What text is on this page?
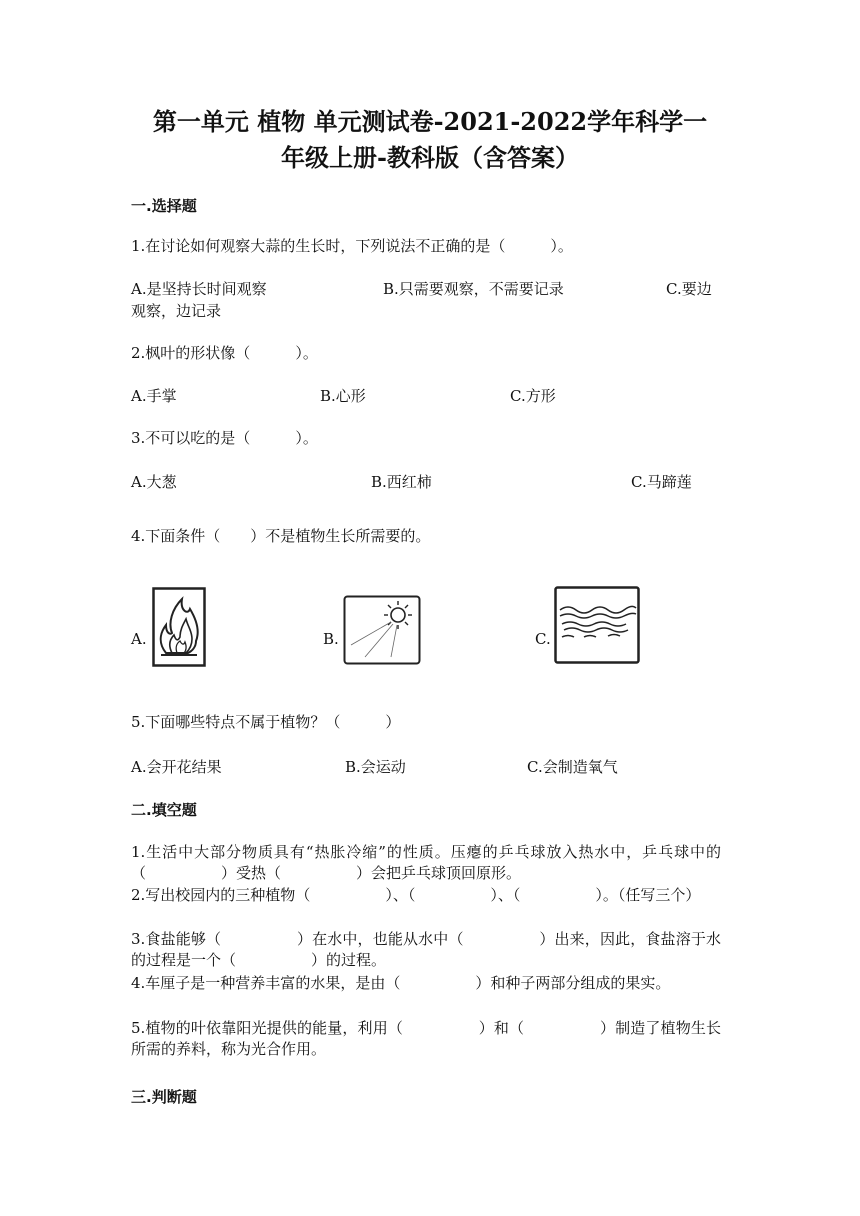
第一单元 植物 单元测试卷-2021-2022学年科学一
年级上册-教科版（含答案）
一.选择题
1.在讨论如何观察大蒜的生长时，下列说法不正确的是（　　　）。
A.是坚持长时间观察	B.只需要观察，不需要记录	C.要边
观察，边记录
2.枫叶的形状像（　　　）。
A.手掌	B.心形	C.方形
3.不可以吃的是（　　　）。
A.大葱	B.西红柿	C.马蹄莲
4.下面条件（　　）不是植物生长所需要的。
A.	B.	C.
5.下面哪些特点不属于植物？（　　　）
A.会开花结果	B.会运动	C.会制造氧气
二.填空题
1.生活中大部分物质具有“热胀冷缩”的性质。压瘪的乒乓球放入热水中，乒乓球中的（　　　　　）受热（　　　　　）会把乒乓球顶回原形。
2.写出校园内的三种植物（　　　　　）、（　　　　　）、（　　　　　）。（任写三个）
3.食盐能够（　　　　　）在水中，也能从水中（　　　　　）出来，因此，食盐溶于水的过程是一个（　　　　　）的过程。
4.车厘子是一种营养丰富的水果，是由（　　　　　）和种子两部分组成的果实。
5.植物的叶依靠阳光提供的能量，利用（　　　　　）和（　　　　　）制造了植物生长所需的养料，称为光合作用。
三.判断题
